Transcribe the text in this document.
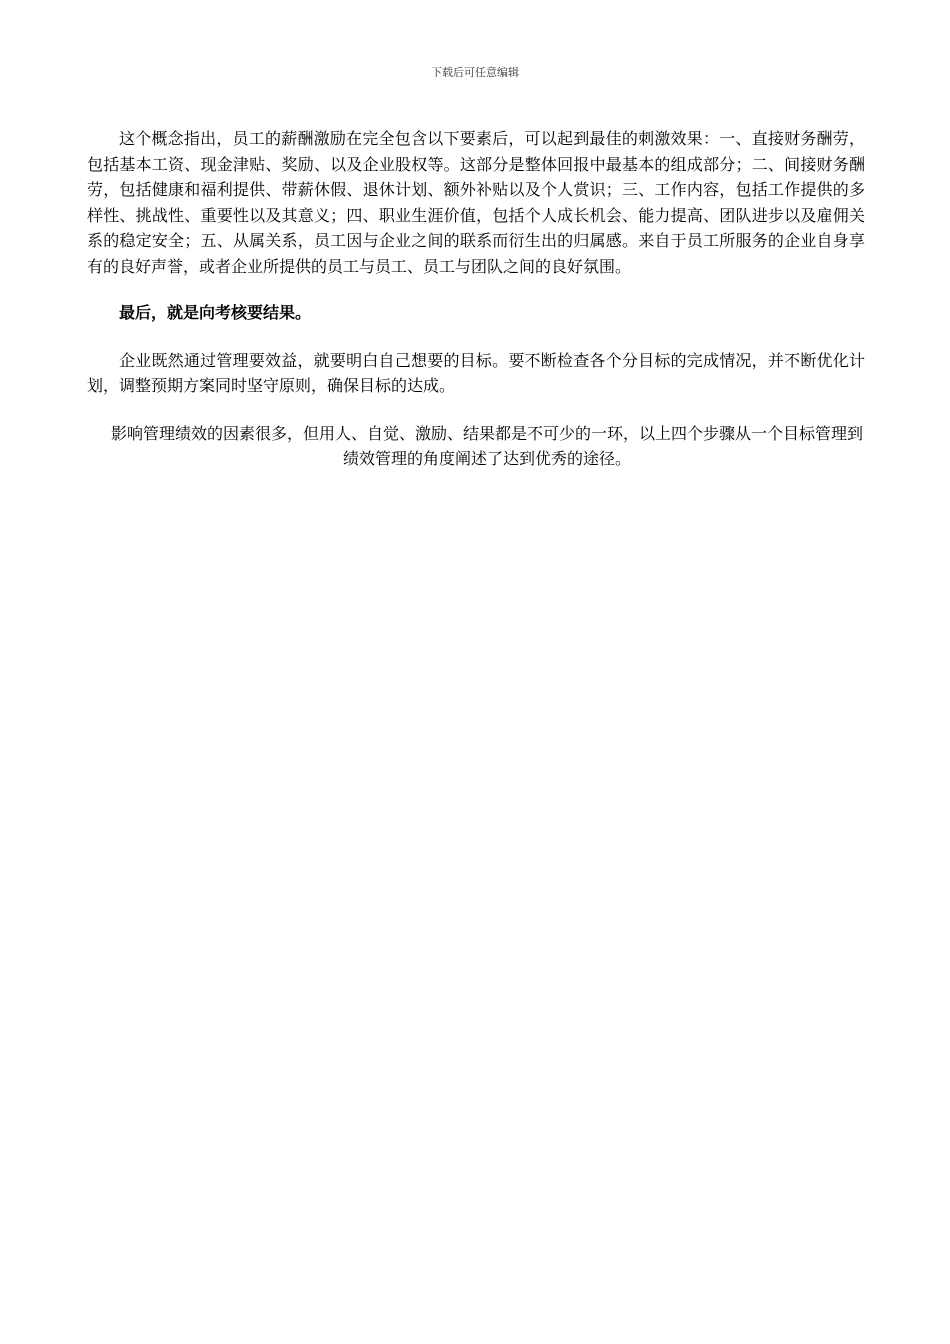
下载后可任意编辑

这个概念指出，员工的薪酬激励在完全包含以下要素后，可以起到最佳的刺激效果：一、直接财务酬劳，包括基本工资、现金津贴、奖励、以及企业股权等。这部分是整体回报中最基本的组成部分；二、间接财务酬劳，包括健康和福利提供、带薪休假、退休计划、额外补贴以及个人赏识；三、工作内容，包括工作提供的多样性、挑战性、重要性以及其意义；四、职业生涯价值，包括个人成长机会、能力提高、团队进步以及雇佣关系的稳定安全；五、从属关系，员工因与企业之间的联系而衍生出的归属感。来自于员工所服务的企业自身享有的良好声誉，或者企业所提供的员工与员工、员工与团队之间的良好氛围。

最后，就是向考核要结果。

企业既然通过管理要效益，就要明白自己想要的目标。要不断检查各个分目标的完成情况，并不断优化计划，调整预期方案同时坚守原则，确保目标的达成。

影响管理绩效的因素很多，但用人、自觉、激励、结果都是不可少的一环，以上四个步骤从一个目标管理到绩效管理的角度阐述了达到优秀的途径。
